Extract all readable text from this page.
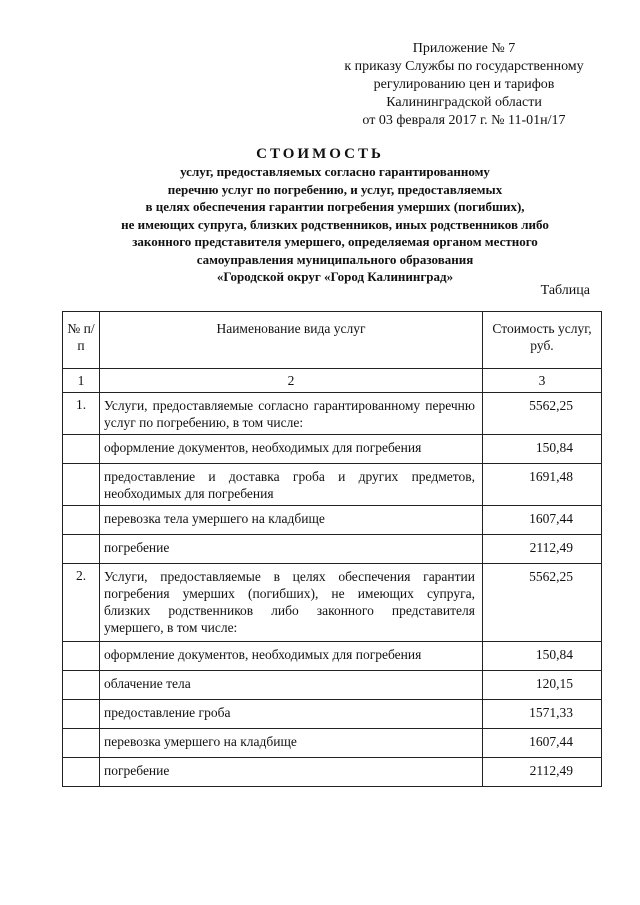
Приложение № 7
к приказу Службы по государственному
регулированию цен и тарифов
Калининградской области
от 03 февраля 2017 г. № 11-01н/17
СТОИМОСТЬ
услуг, предоставляемых согласно гарантированному
перечню услуг по погребению, и услуг, предоставляемых
в целях обеспечения гарантии погребения умерших (погибших),
не имеющих супруга, близких родственников, иных родственников либо
законного представителя умершего, определяемая органом местного
самоуправления муниципального образования
«Городской округ «Город Калининград»
Таблица
№ п/п	Наименование вида услуг	Стоимость услуг, руб.
1	2	3
1.	Услуги, предоставляемые согласно гарантированному перечню услуг по погребению, в том числе:	5562,25
	оформление документов, необходимых для погребения	150,84
	предоставление и доставка гроба и других предметов, необходимых для погребения	1691,48
	перевозка тела умершего на кладбище	1607,44
	погребение	2112,49
2.	Услуги, предоставляемые в целях обеспечения гарантии погребения умерших (погибших), не имеющих супруга, близких родственников либо законного представителя умершего, в том числе:	5562,25
	оформление документов, необходимых для погребения	150,84
	облачение тела	120,15
	предоставление гроба	1571,33
	перевозка умершего на кладбище	1607,44
	погребение	2112,49
